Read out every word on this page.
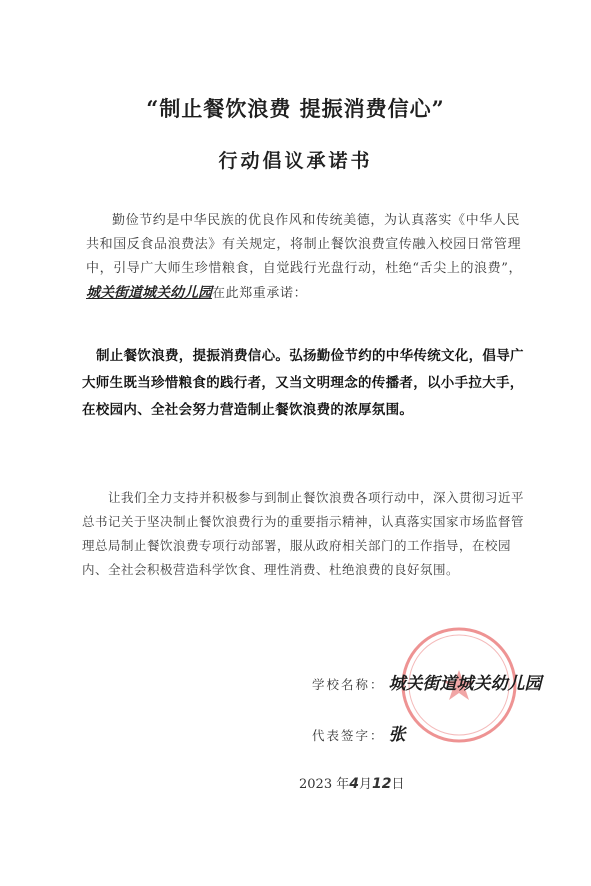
“制止餐饮浪费 提振消费信心”
行动倡议承诺书
勤俭节约是中华民族的优良作风和传统美德，为认真落实《中华人民共和国反食品浪费法》有关规定，将制止餐饮浪费宣传融入校园日常管理中，引导广大师生珍惜粮食，自觉践行光盘行动，杜绝“舌尖上的浪费”，城关街道城关幼儿园在此郑重承诺：
制止餐饮浪费，提振消费信心。弘扬勤俭节约的中华传统文化，倡导广大师生既当珍惜粮食的践行者，又当文明理念的传播者，以小手拉大手，在校园内、全社会努力营造制止餐饮浪费的浓厚氛围。
让我们全力支持并积极参与到制止餐饮浪费各项行动中，深入贯彻习近平总书记关于坚决制止餐饮浪费行为的重要指示精神，认真落实国家市场监督管理总局制止餐饮浪费专项行动部署，服从政府相关部门的工作指导，在校园内、全社会积极营造科学饮食、理性消费、杜绝浪费的良好氛围。
学校名称： 城关街道城关幼儿园
代表签字： 张
2023 年4月12日
